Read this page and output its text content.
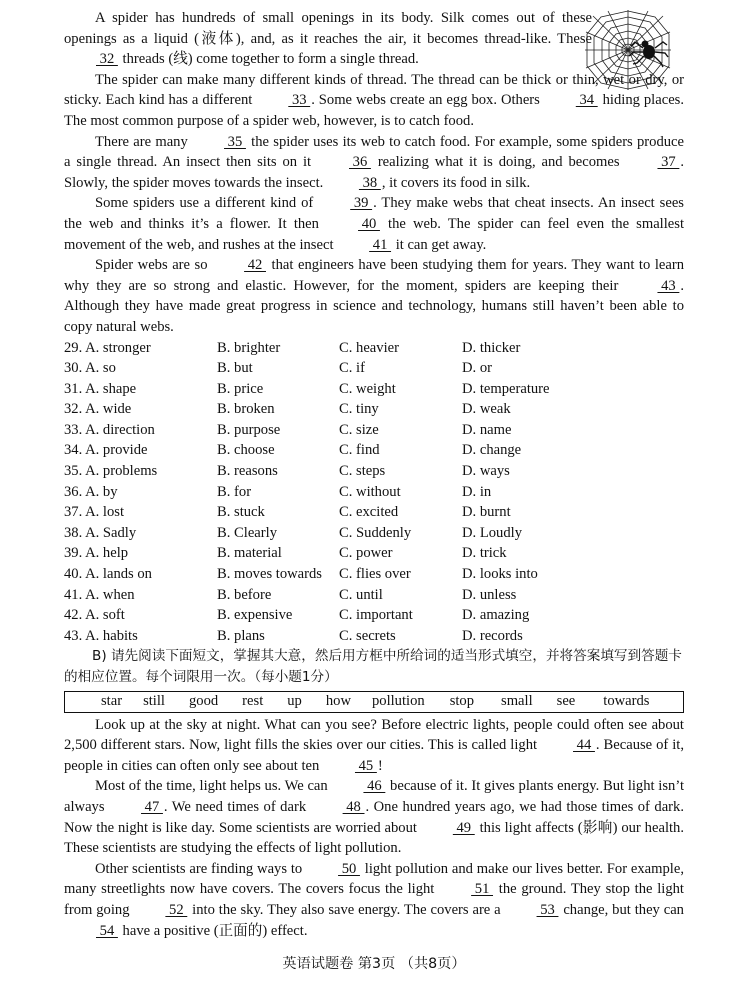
A spider has hundreds of small openings in its body. Silk comes out of these openings as a liquid (液体), and, as it reaches the air, it becomes thread-like. These  32  threads (线) come together to form a single thread.

The spider can make many different kinds of thread. The thread can be thick or thin, wet or dry, or sticky. Each kind has a different  33 . Some webs create an egg box. Others  34  hiding places. The most common purpose of a spider web, however, is to catch food.

There are many  35  the spider uses its web to catch food. For example, some spiders produce a single thread. An insect then sits on it  36  realizing what it is doing, and becomes  37 . Slowly, the spider moves towards the insect.  38 , it covers its food in silk.

Some spiders use a different kind of  39 . They make webs that cheat insects. An insect sees the web and thinks it’s a flower. It then  40  the web. The spider can feel even the smallest movement of the web, and rushes at the insect  41  it can get away.

Spider webs are so  42  that engineers have been studying them for years. They want to learn why they are so strong and elastic. However, for the moment, spiders are keeping their  43 . Although they have made great progress in science and technology, humans still haven’t been able to copy natural webs.

29. A. stronger	B. brighter	C. heavier	D. thicker
30. A. so	B. but	C. if	D. or
31. A. shape	B. price	C. weight	D. temperature
32. A. wide	B. broken	C. tiny	D. weak
33. A. direction	B. purpose	C. size	D. name
34. A. provide	B. choose	C. find	D. change
35. A. problems	B. reasons	C. steps	D. ways
36. A. by	B. for	C. without	D. in
37. A. lost	B. stuck	C. excited	D. burnt
38. A. Sadly	B. Clearly	C. Suddenly	D. Loudly
39. A. help	B. material	C. power	D. trick
40. A. lands on	B. moves towards	C. flies over	D. looks into
41. A. when	B. before	C. until	D. unless
42. A. soft	B. expensive	C. important	D. amazing
43. A. habits	B. plans	C. secrets	D. records

B) 请先阅读下面短文，掌握其大意，然后用方框中所给词的适当形式填空，并将答案填写到答题卡的相应位置。每个词限用一次。（每小题1分）

star still good rest up how pollution stop small see towards

Look up at the sky at night. What can you see? Before electric lights, people could often see about 2,500 different stars. Now, light fills the skies over our cities. This is called light  44 . Because of it, people in cities can often only see about ten  45 !

Most of the time, light helps us. We can  46  because of it. It gives plants energy. But light isn’t always  47 . We need times of dark  48 . One hundred years ago, we had those times of dark. Now the night is like day. Some scientists are worried about  49  this light affects (影响) our health. These scientists are studying the effects of light pollution.

Other scientists are finding ways to  50  light pollution and make our lives better. For example, many streetlights now have covers. The covers focus the light  51  the ground. They stop the light from going  52  into the sky. They also save energy. The covers are a  53  change, but they can  54  have a positive (正面的) effect.

英语试题卷 第3页 （共8页）
